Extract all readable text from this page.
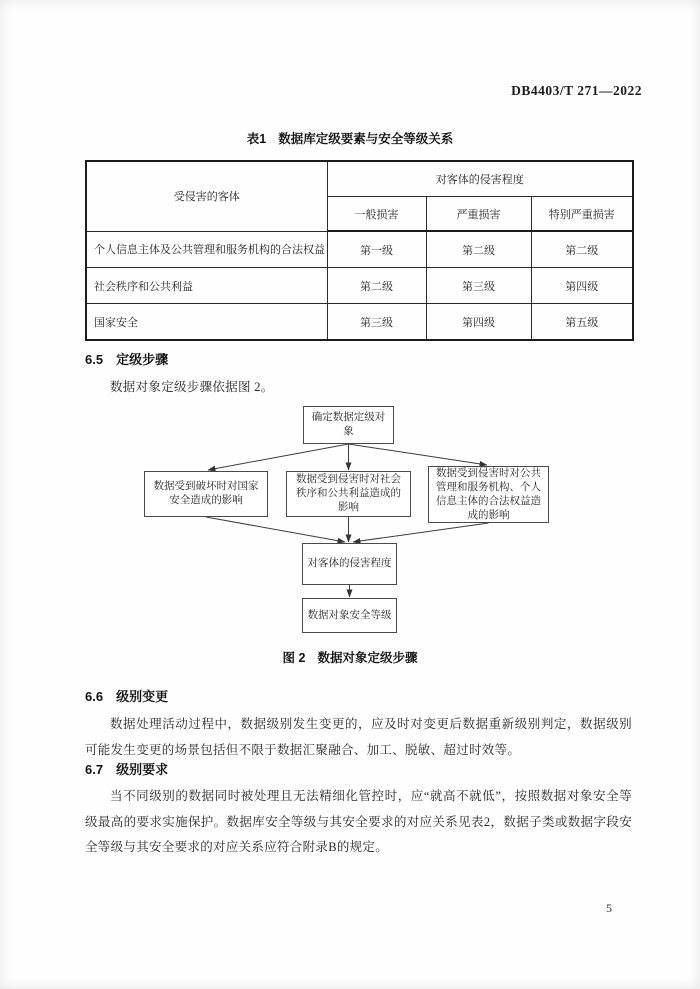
DB4403/T 271—2022
表1 数据库定级要素与安全等级关系
受侵害的客体	对客体的侵害程度		
	一般损害	严重损害	特别严重损害
个人信息主体及公共管理和服务机构的合法权益	第一级	第二级	第二级
社会秩序和公共利益	第二级	第三级	第四级
国家安全	第三级	第四级	第五级
6.5 定级步骤
数据对象定级步骤依据图 2。
确定数据定级对象
数据受到破坏时对国家安全造成的影响
数据受到侵害时对社会秩序和公共利益造成的影响
数据受到侵害时对公共管理和服务机构、个人信息主体的合法权益造成的影响
对客体的侵害程度
数据对象安全等级
图 2 数据对象定级步骤
6.6 级别变更
数据处理活动过程中，数据级别发生变更的，应及时对变更后数据重新级别判定，数据级别可能发生变更的场景包括但不限于数据汇聚融合、加工、脱敏、超过时效等。
6.7 级别要求
当不同级别的数据同时被处理且无法精细化管控时，应“就高不就低”，按照数据对象安全等级最高的要求实施保护。数据库安全等级与其安全要求的对应关系见表2，数据子类或数据字段安全等级与其安全要求的对应关系应符合附录B的规定。
5
